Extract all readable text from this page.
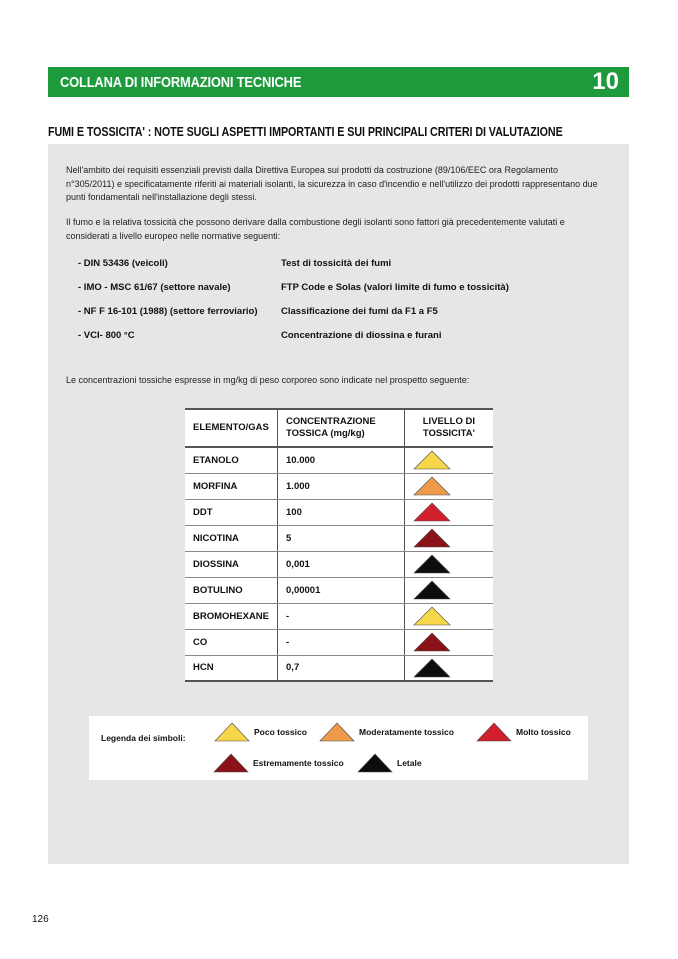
COLLANA DI INFORMAZIONI TECNICHE	10
FUMI E TOSSICITA' : NOTE SUGLI ASPETTI IMPORTANTI E SUI PRINCIPALI CRITERI DI VALUTAZIONE

Nell'ambito dei requisiti essenziali previsti dalla Direttiva Europea sui prodotti da costruzione (89/106/EEC ora Regolamento n°305/2011) e specificatamente riferiti ai materiali isolanti, la sicurezza in caso d'incendio e nell'utilizzo dei prodotti rappresentano due punti fondamentali nell'installazione degli stessi.

Il fumo e la relativa tossicità che possono derivare dalla combustione degli isolanti sono fattori già precedentemente valutati e considerati a livello europeo nelle normative seguenti:

- DIN 53436 (veicoli)	Test di tossicità dei fumi
- IMO - MSC 61/67 (settore navale)	FTP Code e Solas (valori limite di fumo e tossicità)
- NF F 16-101 (1988) (settore ferroviario)	Classificazione dei fumi da F1 a F5
- VCI- 800 °C	Concentrazione di diossina e furani

Le concentrazioni tossiche espresse in mg/kg di peso corporeo sono indicate nel prospetto seguente:

ELEMENTO/GAS	CONCENTRAZIONE TOSSICA (mg/kg)	LIVELLO DI TOSSICITA'
ETANOLO	10.000	
MORFINA	1.000	
DDT	100	
NICOTINA	5	
DIOSSINA	0,001	
BOTULINO	0,00001	
BROMOHEXANE	-	
CO	-	
HCN	0,7	
Legenda dei simboli:
Poco tossico	Moderatamente tossico	Molto tossico
Estremamente tossico	Letale
126
